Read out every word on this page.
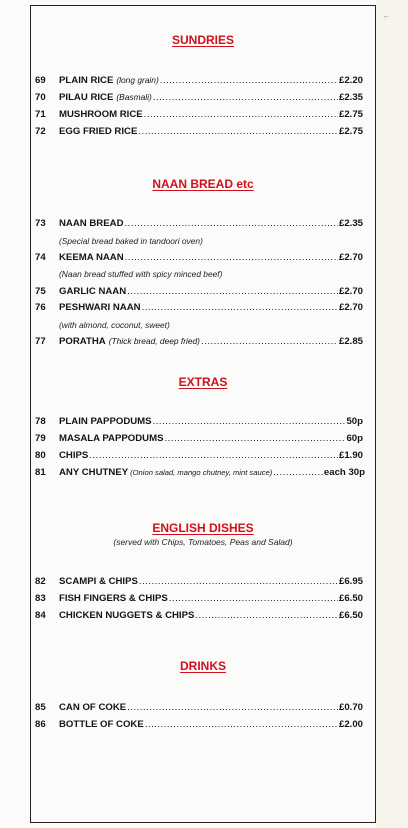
⌐
SUNDRIES
69	PLAIN RICE (long grain) .....	£2.20
70	PILAU RICE (Basmali) .....	£2.35
71	MUSHROOM RICE .....	£2.75
72	EGG FRIED RICE .....	£2.75
NAAN BREAD etc
73	NAAN BREAD .....	£2.35
(Special bread baked in tandoori oven)
74	KEEMA NAAN .....	£2.70
(Naan bread stuffed with spicy minced beef)
75	GARLIC NAAN .....	£2.70
76	PESHWARI NAAN .....	£2.70
(with almond, coconut, sweet)
77	PORATHA (Thick bread, deep fried) .....	£2.85
EXTRAS
78	PLAIN PAPPODUMS .....	50p
79	MASALA PAPPODUMS .....	60p
80	CHIPS .....	£1.90
81	ANY CHUTNEY (Onion salad, mango chutney, mint sauce) .....	each 30p
ENGLISH DISHES
(served with Chips, Tomatoes, Peas and Salad)
82	SCAMPI & CHIPS .....	£6.95
83	FISH FINGERS & CHIPS .....	£6.50
84	CHICKEN NUGGETS & CHIPS .....	£6.50
DRINKS
85	CAN OF COKE .....	£0.70
86	BOTTLE OF COKE .....	£2.00
